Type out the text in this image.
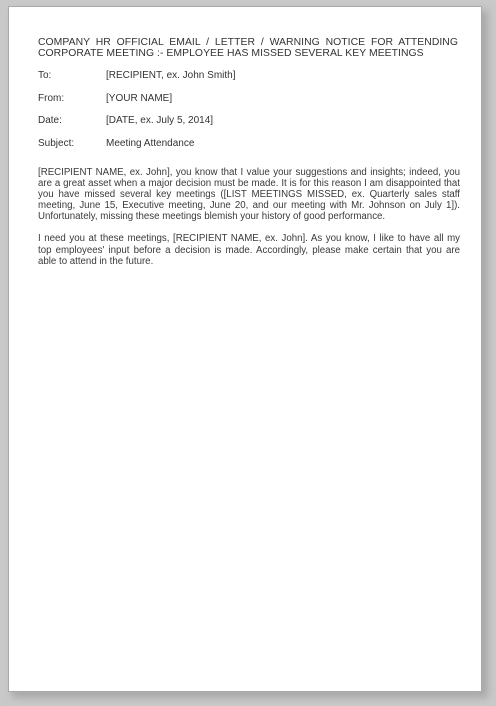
COMPANY HR OFFICIAL EMAIL / LETTER / WARNING NOTICE FOR ATTENDING CORPORATE MEETING :- EMPLOYEE HAS MISSED SEVERAL KEY MEETINGS

To:	[RECIPIENT, ex. John Smith]
From:	[YOUR NAME]
Date:	[DATE, ex. July 5, 2014]
Subject:	Meeting Attendance

[RECIPIENT NAME, ex. John], you know that I value your suggestions and insights; indeed, you are a great asset when a major decision must be made. It is for this reason I am disappointed that you have missed several key meetings ([LIST MEETINGS MISSED, ex. Quarterly sales staff meeting, June 15, Executive meeting, June 20, and our meeting with Mr. Johnson on July 1]). Unfortunately, missing these meetings blemish your history of good performance.

I need you at these meetings, [RECIPIENT NAME, ex. John]. As you know, I like to have all my top employees' input before a decision is made. Accordingly, please make certain that you are able to attend in the future.
